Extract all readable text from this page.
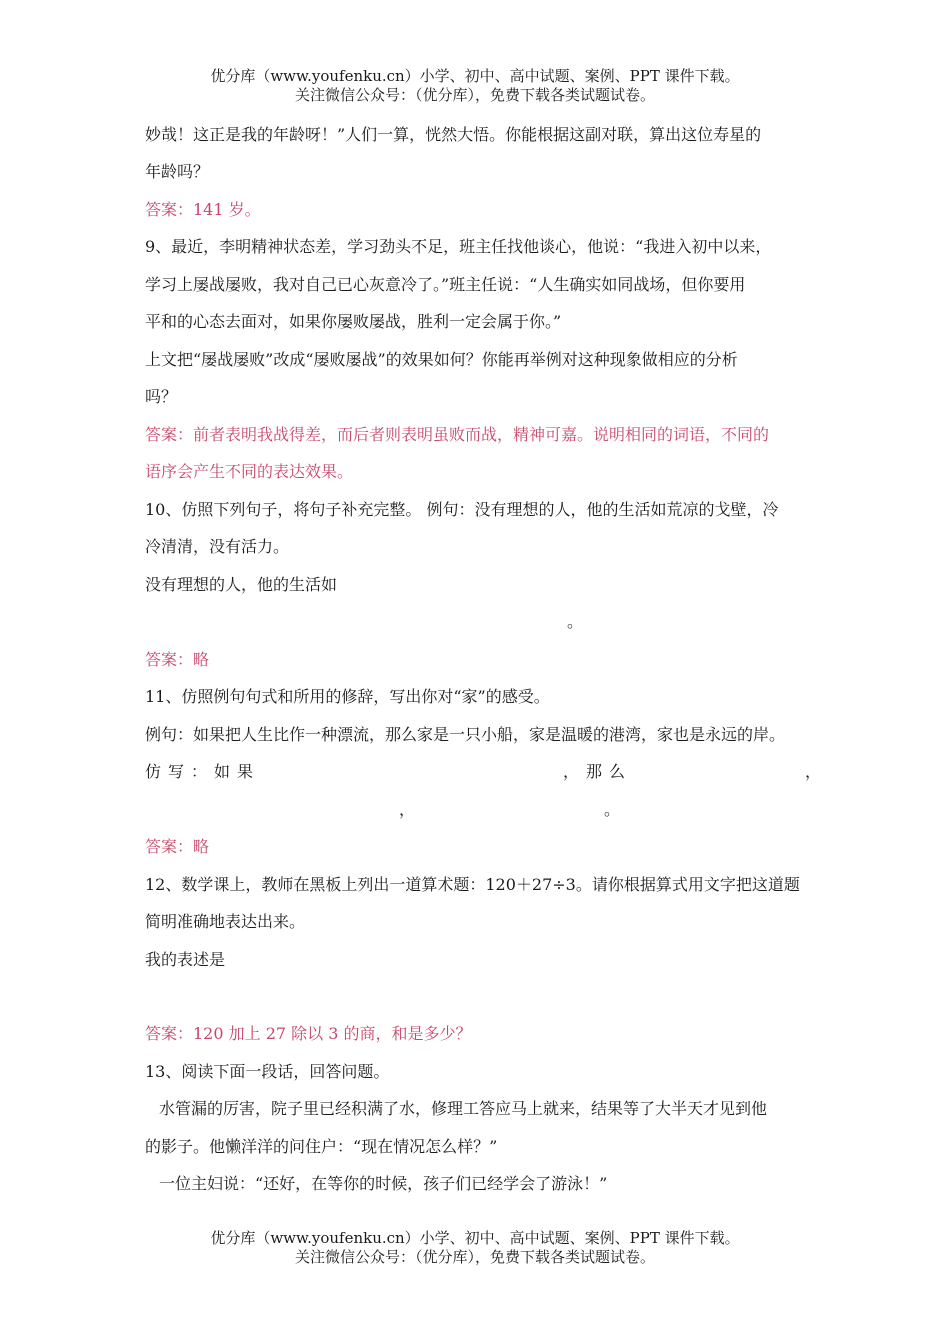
优分库（www.youfenku.cn）小学、初中、高中试题、案例、PPT 课件下载。
关注微信公众号：（优分库），免费下载各类试题试卷。
妙哉！这正是我的年龄呀！”人们一算，恍然大悟。你能根据这副对联，算出这位寿星的
年龄吗？
答案：141 岁。
9、最近，李明精神状态差，学习劲头不足，班主任找他谈心，他说：“我进入初中以来，
学习上屡战屡败，我对自己已心灰意冷了。”班主任说：“人生确实如同战场，但你要用
平和的心态去面对，如果你屡败屡战，胜利一定会属于你。”
上文把“屡战屡败”改成“屡败屡战”的效果如何？你能再举例对这种现象做相应的分析
吗？
答案：前者表明我战得差，而后者则表明虽败而战，精神可嘉。说明相同的词语，不同的
语序会产生不同的表达效果。
10、仿照下列句子，将句子补充完整。 例句：没有理想的人，他的生活如荒凉的戈壁，冷
冷清清，没有活力。
没有理想的人，他的生活如
。
答案：略
11、仿照例句句式和所用的修辞，写出你对“家”的感受。
例句：如果把人生比作一种漂流，那么家是一只小船，家是温暖的港湾，家也是永远的岸。
仿写：如果	，那么	，
，	。
答案：略
12、数学课上，教师在黑板上列出一道算术题：120＋27÷3。请你根据算式用文字把这道题
简明准确地表达出来。
我的表述是
答案：120 加上 27 除以 3 的商，和是多少？
13、阅读下面一段话，回答问题。
水管漏的厉害，院子里已经积满了水，修理工答应马上就来，结果等了大半天才见到他
的影子。他懒洋洋的问住户：“现在情况怎么样？”
一位主妇说：“还好，在等你的时候，孩子们已经学会了游泳！”
优分库（www.youfenku.cn）小学、初中、高中试题、案例、PPT 课件下载。
关注微信公众号：（优分库），免费下载各类试题试卷。
